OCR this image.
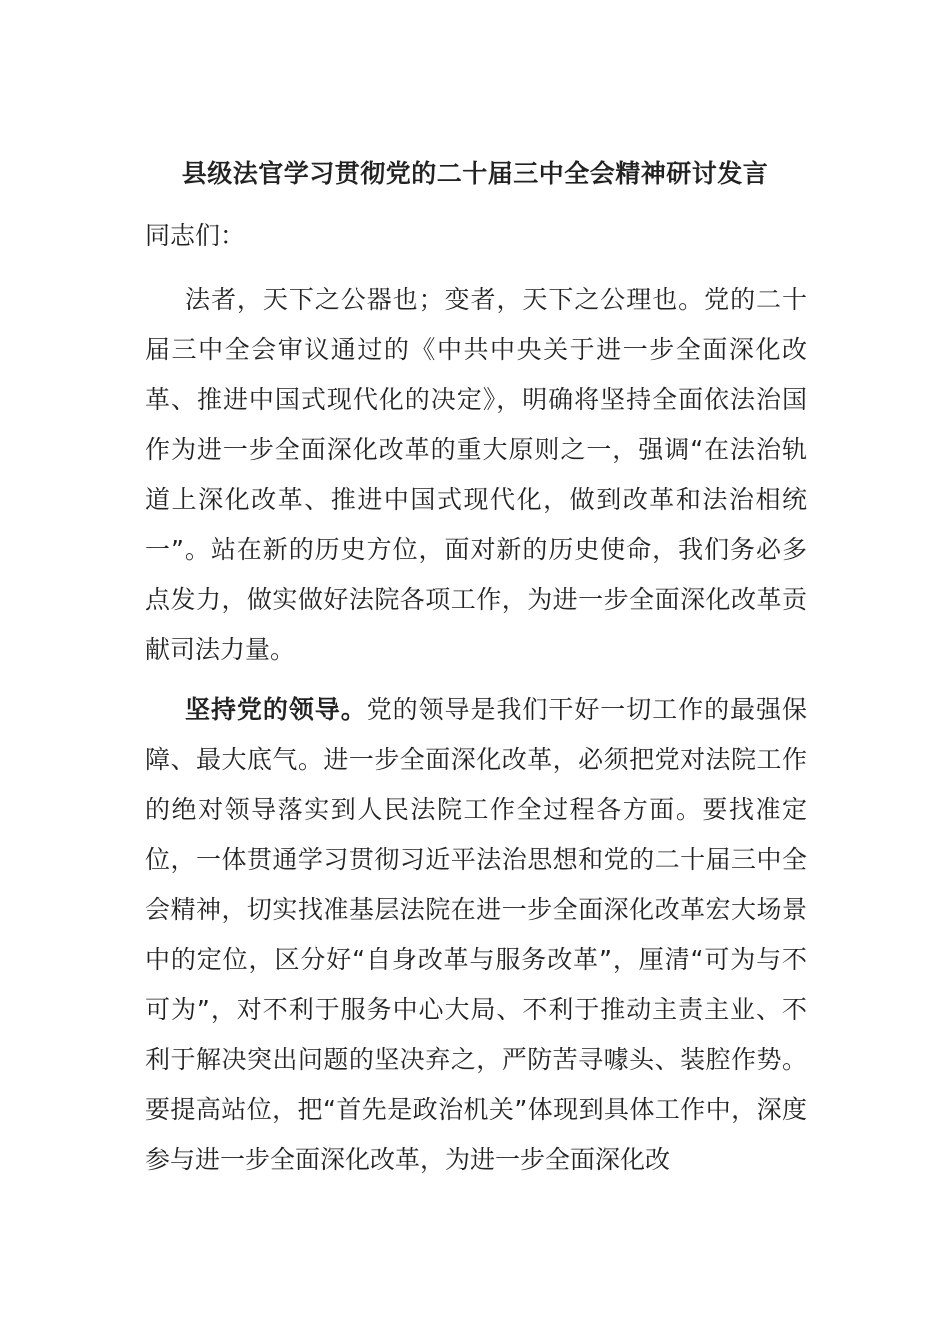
县级法官学习贯彻党的二十届三中全会精神研讨发言
同志们：

法者，天下之公器也；变者，天下之公理也。党的二十届三中全会审议通过的《中共中央关于进一步全面深化改革、推进中国式现代化的决定》，明确将坚持全面依法治国作为进一步全面深化改革的重大原则之一，强调“在法治轨道上深化改革、推进中国式现代化，做到改革和法治相统一”。站在新的历史方位，面对新的历史使命，我们务必多点发力，做实做好法院各项工作，为进一步全面深化改革贡献司法力量。

坚持党的领导。党的领导是我们干好一切工作的最强保障、最大底气。进一步全面深化改革，必须把党对法院工作的绝对领导落实到人民法院工作全过程各方面。要找准定位，一体贯通学习贯彻习近平法治思想和党的二十届三中全会精神，切实找准基层法院在进一步全面深化改革宏大场景中的定位，区分好“自身改革与服务改革”，厘清“可为与不可为”，对不利于服务中心大局、不利于推动主责主业、不利于解决突出问题的坚决弃之，严防苦寻噱头、装腔作势。要提高站位，把“首先是政治机关”体现到具体工作中，深度参与进一步全面深化改革，为进一步全面深化改
